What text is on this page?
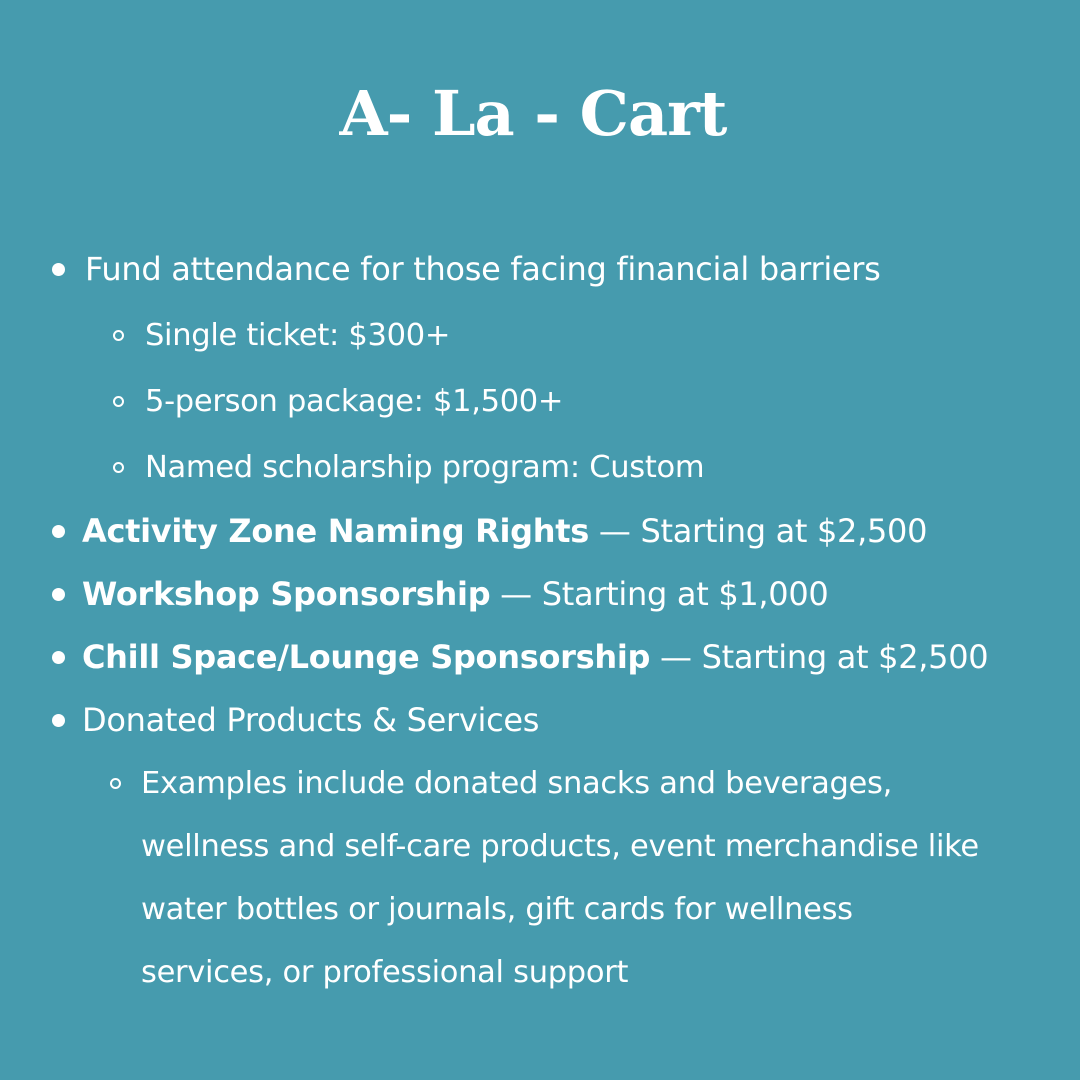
A- La - Cart
Fund attendance for those facing financial barriers
Single ticket: $300+
5-person package: $1,500+
Named scholarship program: Custom
Activity Zone Naming Rights — Starting at $2,500
Workshop Sponsorship — Starting at $1,000
Chill Space/Lounge Sponsorship — Starting at $2,500
Donated Products & Services
Examples include donated snacks and beverages,
wellness and self-care products, event merchandise like
water bottles or journals, gift cards for wellness
services, or professional support
